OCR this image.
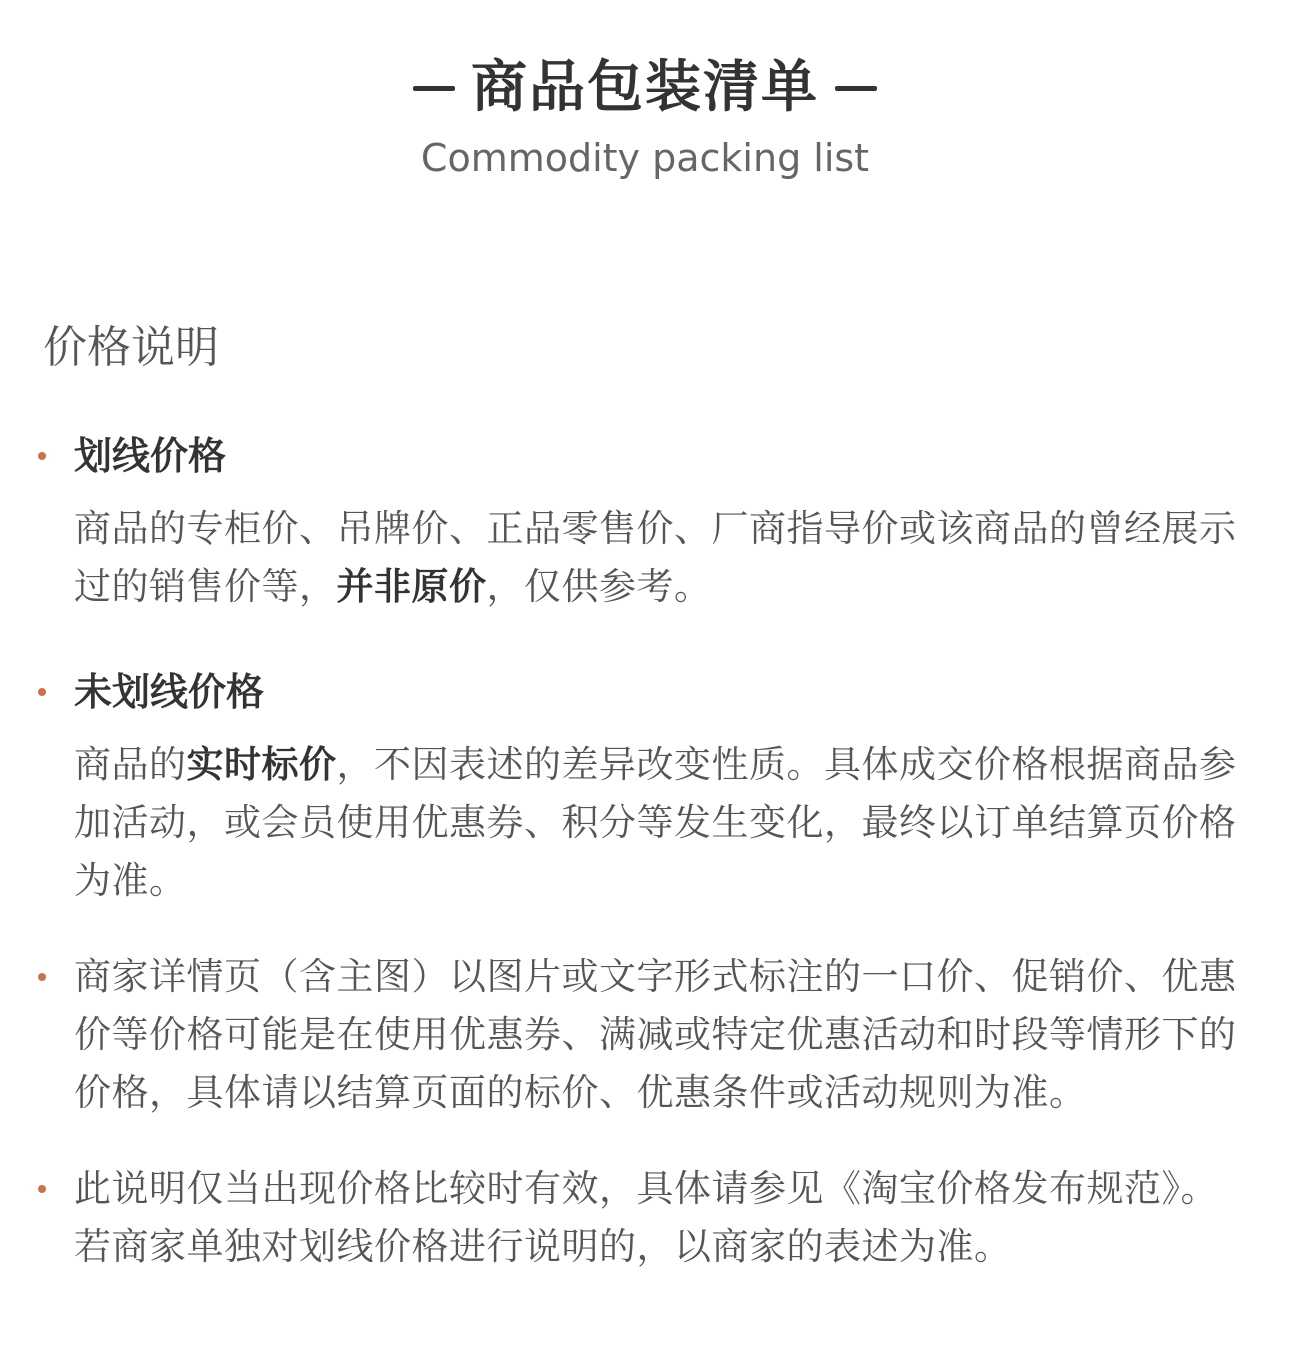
商品包装清单
Commodity packing list
价格说明
划线价格
商品的专柜价、吊牌价、正品零售价、厂商指导价或该商品的曾经展示过的销售价等，并非原价，仅供参考。
未划线价格
商品的实时标价，不因表述的差异改变性质。具体成交价格根据商品参加活动，或会员使用优惠券、积分等发生变化，最终以订单结算页价格为准。
商家详情页（含主图）以图片或文字形式标注的一口价、促销价、优惠价等价格可能是在使用优惠券、满减或特定优惠活动和时段等情形下的价格，具体请以结算页面的标价、优惠条件或活动规则为准。
此说明仅当出现价格比较时有效，具体请参见《淘宝价格发布规范》。若商家单独对划线价格进行说明的，以商家的表述为准。
